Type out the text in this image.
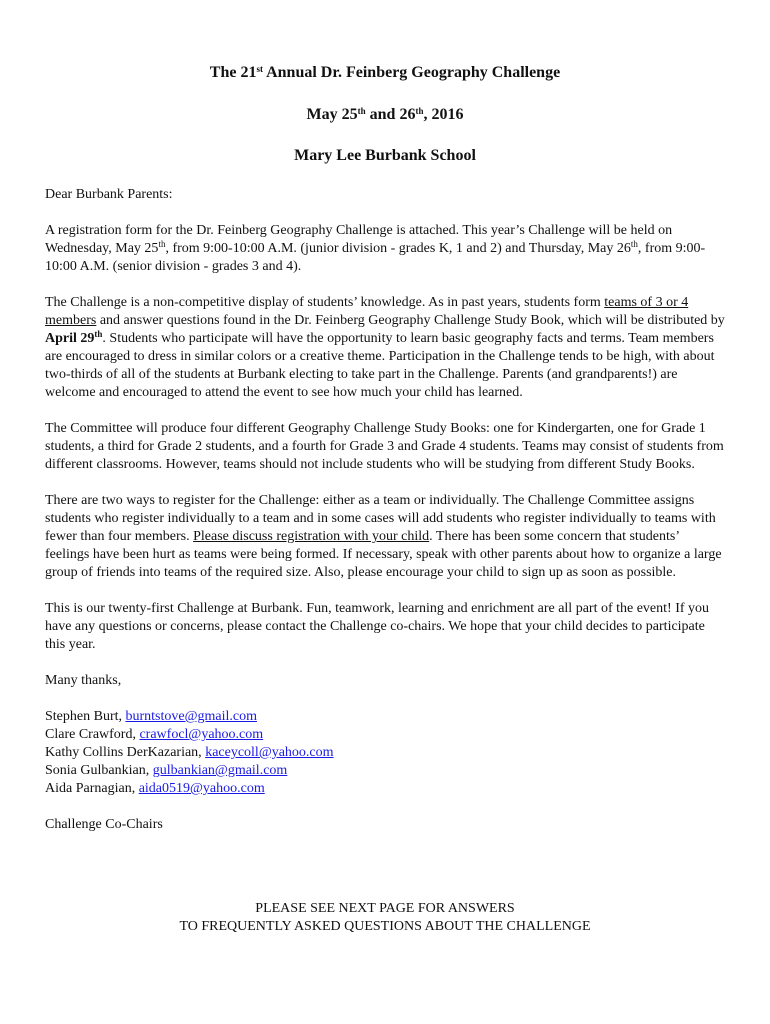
The 21st Annual Dr. Feinberg Geography Challenge
May 25th and 26th, 2016
Mary Lee Burbank School

Dear Burbank Parents:

A registration form for the Dr. Feinberg Geography Challenge is attached. This year’s Challenge will be held on Wednesday, May 25th, from 9:00-10:00 A.M. (junior division - grades K, 1 and 2) and Thursday, May 26th, from 9:00-10:00 A.M. (senior division - grades 3 and 4).

The Challenge is a non-competitive display of students’ knowledge. As in past years, students form teams of 3 or 4 members and answer questions found in the Dr. Feinberg Geography Challenge Study Book, which will be distributed by April 29th. Students who participate will have the opportunity to learn basic geography facts and terms. Team members are encouraged to dress in similar colors or a creative theme. Participation in the Challenge tends to be high, with about two-thirds of all of the students at Burbank electing to take part in the Challenge. Parents (and grandparents!) are welcome and encouraged to attend the event to see how much your child has learned.

The Committee will produce four different Geography Challenge Study Books: one for Kindergarten, one for Grade 1 students, a third for Grade 2 students, and a fourth for Grade 3 and Grade 4 students. Teams may consist of students from different classrooms. However, teams should not include students who will be studying from different Study Books.

There are two ways to register for the Challenge: either as a team or individually. The Challenge Committee assigns students who register individually to a team and in some cases will add students who register individually to teams with fewer than four members. Please discuss registration with your child. There has been some concern that students’ feelings have been hurt as teams were being formed. If necessary, speak with other parents about how to organize a large group of friends into teams of the required size. Also, please encourage your child to sign up as soon as possible.

This is our twenty-first Challenge at Burbank. Fun, teamwork, learning and enrichment are all part of the event! If you have any questions or concerns, please contact the Challenge co-chairs. We hope that your child decides to participate this year.

Many thanks,

Stephen Burt, burntstove@gmail.com

Clare Crawford, crawfocl@yahoo.com

Kathy Collins DerKazarian, kaceycoll@yahoo.com

Sonia Gulbankian, gulbankian@gmail.com

Aida Parnagian, aida0519@yahoo.com

Challenge Co-Chairs

PLEASE SEE NEXT PAGE FOR ANSWERS
TO FREQUENTLY ASKED QUESTIONS ABOUT THE CHALLENGE
